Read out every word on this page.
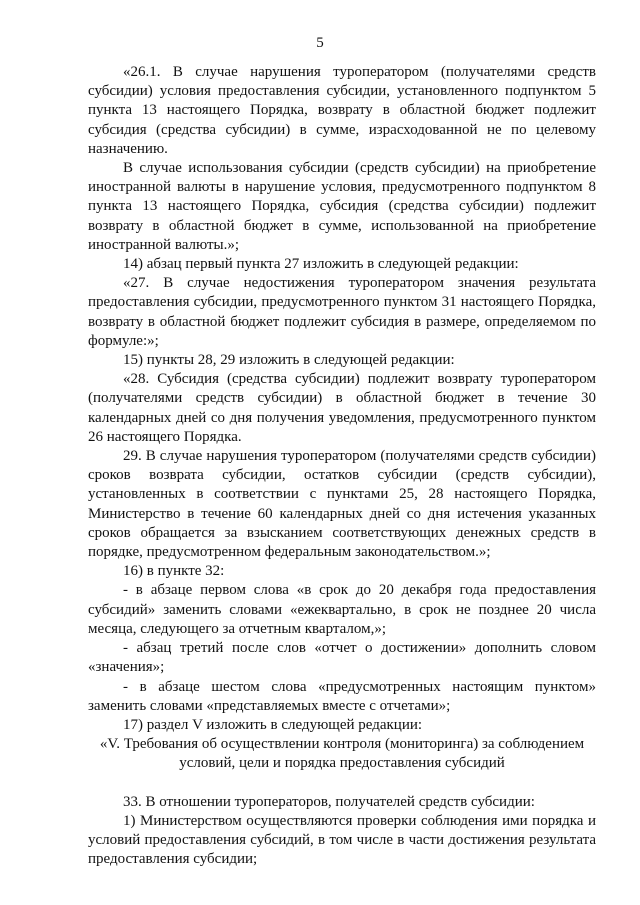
5

«26.1. В случае нарушения туроператором (получателями средств субсидии) условия предоставления субсидии, установленного подпунктом 5 пункта 13 настоящего Порядка, возврату в областной бюджет подлежит субсидия (средства субсидии) в сумме, израсходованной не по целевому назначению.

В случае использования субсидии (средств субсидии) на приобретение иностранной валюты в нарушение условия, предусмотренного подпунктом 8 пункта 13 настоящего Порядка, субсидия (средства субсидии) подлежит возврату в областной бюджет в сумме, использованной на приобретение иностранной валюты.»;

14) абзац первый пункта 27 изложить в следующей редакции:

«27. В случае недостижения туроператором значения результата предоставления субсидии, предусмотренного пунктом 31 настоящего Порядка, возврату в областной бюджет подлежит субсидия в размере, определяемом по формуле:»;

15) пункты 28, 29 изложить в следующей редакции:

«28. Субсидия (средства субсидии) подлежит возврату туроператором (получателями средств субсидии) в областной бюджет в течение 30 календарных дней со дня получения уведомления, предусмотренного пунктом 26 настоящего Порядка.

29. В случае нарушения туроператором (получателями средств субсидии) сроков возврата субсидии, остатков субсидии (средств субсидии), установленных в соответствии с пунктами 25, 28 настоящего Порядка, Министерство в течение 60 календарных дней со дня истечения указанных сроков обращается за взысканием соответствующих денежных средств в порядке, предусмотренном федеральным законодательством.»;

16) в пункте 32:

- в абзаце первом слова «в срок до 20 декабря года предоставления субсидий» заменить словами «ежеквартально, в срок не позднее 20 числа месяца, следующего за отчетным кварталом,»;

- абзац третий после слов «отчет о достижении» дополнить словом «значения»;

- в абзаце шестом слова «предусмотренных настоящим пунктом» заменить словами «представляемых вместе с отчетами»;

17) раздел V изложить в следующей редакции:

«V. Требования об осуществлении контроля (мониторинга) за соблюдением

условий, цели и порядка предоставления субсидий

33. В отношении туроператоров, получателей средств субсидии:

1) Министерством осуществляются проверки соблюдения ими порядка и условий предоставления субсидий, в том числе в части достижения результата предоставления субсидии;
